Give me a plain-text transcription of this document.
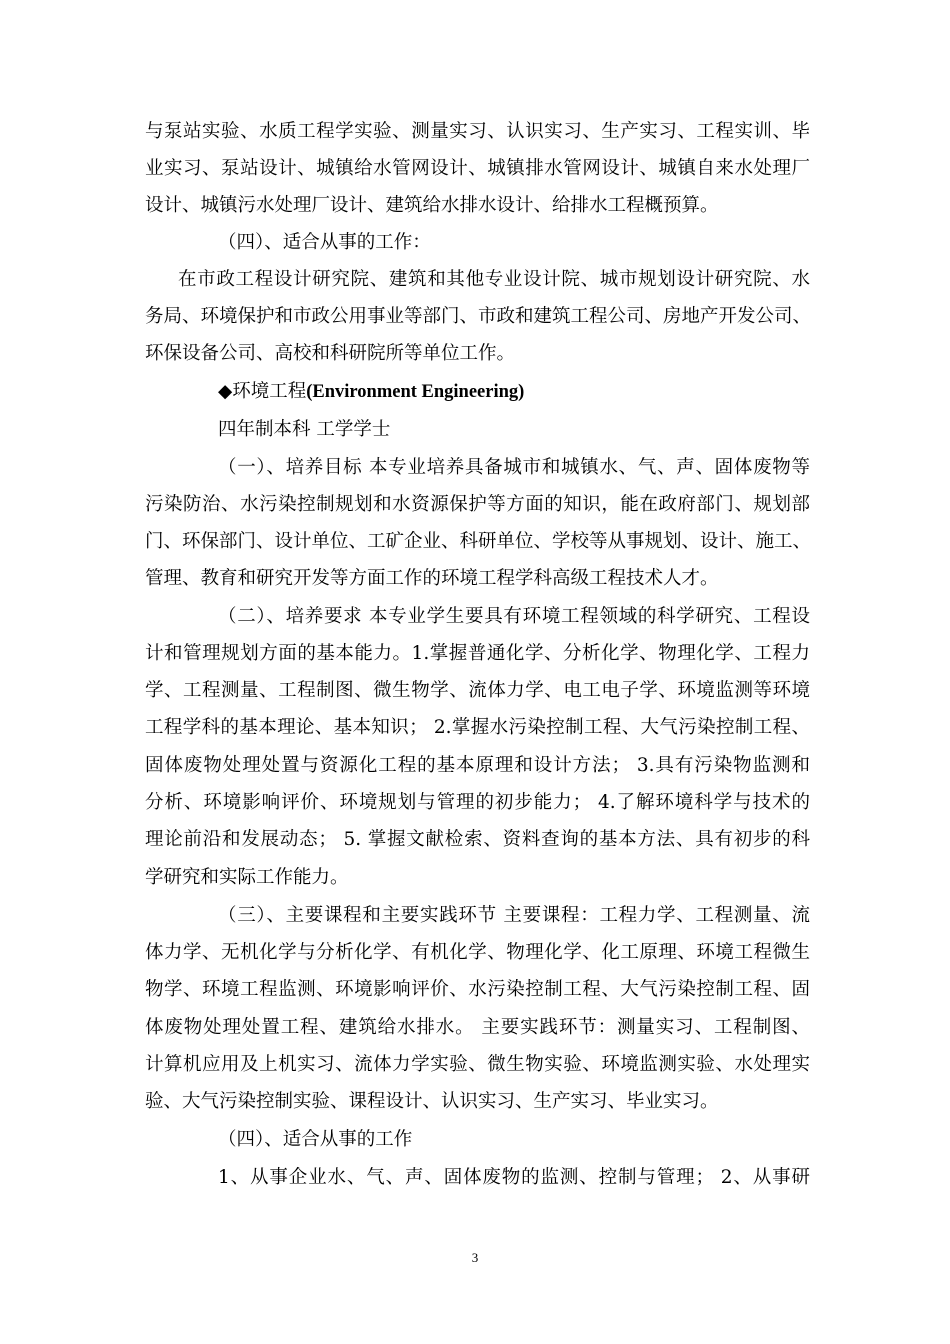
与泵站实验、水质工程学实验、测量实习、认识实习、生产实习、工程实训、毕
业实习、泵站设计、城镇给水管网设计、城镇排水管网设计、城镇自来水处理厂
设计、城镇污水处理厂设计、建筑给水排水设计、给排水工程概预算。
（四）、适合从事的工作：
在市政工程设计研究院、建筑和其他专业设计院、城市规划设计研究院、水
务局、环境保护和市政公用事业等部门、市政和建筑工程公司、房地产开发公司、
环保设备公司、高校和科研院所等单位工作。
◆环境工程(Environment Engineering)
四年制本科 工学学士
（一）、培养目标 本专业培养具备城市和城镇水、气、声、固体废物等
污染防治、水污染控制规划和水资源保护等方面的知识，能在政府部门、规划部
门、环保部门、设计单位、工矿企业、科研单位、学校等从事规划、设计、施工、
管理、教育和研究开发等方面工作的环境工程学科高级工程技术人才。
（二）、培养要求 本专业学生要具有环境工程领域的科学研究、工程设
计和管理规划方面的基本能力。1.掌握普通化学、分析化学、物理化学、工程力
学、工程测量、工程制图、微生物学、流体力学、电工电子学、环境监测等环境
工程学科的基本理论、基本知识； 2.掌握水污染控制工程、大气污染控制工程、
固体废物处理处置与资源化工程的基本原理和设计方法； 3.具有污染物监测和
分析、环境影响评价、环境规划与管理的初步能力； 4.了解环境科学与技术的
理论前沿和发展动态； 5. 掌握文献检索、资料查询的基本方法、具有初步的科
学研究和实际工作能力。
（三）、主要课程和主要实践环节 主要课程：工程力学、工程测量、流
体力学、无机化学与分析化学、有机化学、物理化学、化工原理、环境工程微生
物学、环境工程监测、环境影响评价、水污染控制工程、大气污染控制工程、固
体废物处理处置工程、建筑给水排水。 主要实践环节：测量实习、工程制图、
计算机应用及上机实习、流体力学实验、微生物实验、环境监测实验、水处理实
验、大气污染控制实验、课程设计、认识实习、生产实习、毕业实习。
（四）、适合从事的工作
1、从事企业水、气、声、固体废物的监测、控制与管理； 2、从事研
3
